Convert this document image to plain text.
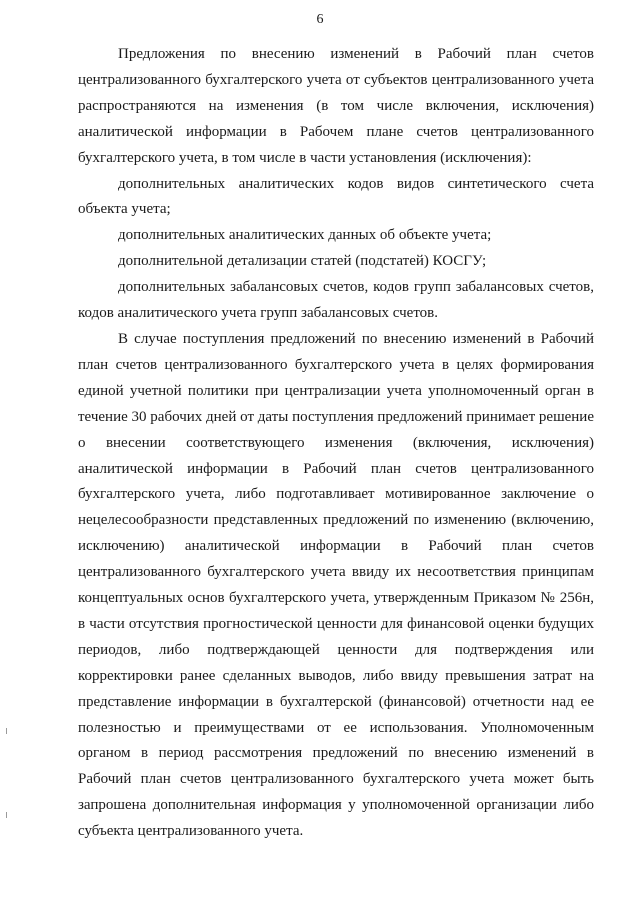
6

Предложения по внесению изменений в Рабочий план счетов централизованного бухгалтерского учета от субъектов централизованного учета распространяются на изменения (в том числе включения, исключения) аналитической информации в Рабочем плане счетов централизованного бухгалтерского учета, в том числе в части установления (исключения):

дополнительных аналитических кодов видов синтетического счета объекта учета;

дополнительных аналитических данных об объекте учета;

дополнительной детализации статей (подстатей) КОСГУ;

дополнительных забалансовых счетов, кодов групп забалансовых счетов, кодов аналитического учета групп забалансовых счетов.

В случае поступления предложений по внесению изменений в Рабочий план счетов централизованного бухгалтерского учета в целях формирования единой учетной политики при централизации учета уполномоченный орган в течение 30 рабочих дней от даты поступления предложений принимает решение о внесении соответствующего изменения (включения, исключения) аналитической информации в Рабочий план счетов централизованного бухгалтерского учета, либо подготавливает мотивированное заключение о нецелесообразности представленных предложений по изменению (включению, исключению) аналитической информации в Рабочий план счетов централизованного бухгалтерского учета ввиду их несоответствия принципам концептуальных основ бухгалтерского учета, утвержденным Приказом № 256н, в части отсутствия прогностической ценности для финансовой оценки будущих периодов, либо подтверждающей ценности для подтверждения или корректировки ранее сделанных выводов, либо ввиду превышения затрат на представление информации в бухгалтерской (финансовой) отчетности над ее полезностью и преимуществами от ее использования. Уполномоченным органом в период рассмотрения предложений по внесению изменений в Рабочий план счетов централизованного бухгалтерского учета может быть запрошена дополнительная информация у уполномоченной организации либо субъекта централизованного учета.
